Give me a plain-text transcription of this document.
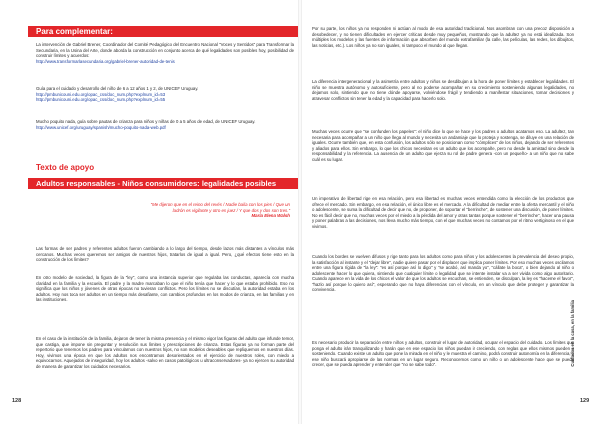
Para complementar:

La intervención de Gabriel Brener, Coordinador del Comité Pedagógico del Encuentro Nacional "Voces y Sentidos" para Transformar la Secundaria, en la Usina del Arte, donde aborda la construcción en conjunto acerca de qué legalidades son posibles hoy, posibilidad de construir límites y acuerdos:
http://www.transformarlasecundaria.org/gabriel-brener-autoridad-de-tenis

Guía para el cuidado y desarrollo del niño de 6 a 12 años 1 y 2, de UNICEF Uruguay.
http://pmbunicouni.edu.org/opac_css/doc_num.php?explnum_id=53
http://pmbunicouni.edu.org/opac_css/doc_num.php?explnum_id=55

Mucho poquito nada, guía sobre pautas de crianza para niños y niñas de 0 a 5 años de edad, de UNICEF Uruguay.
http://www.unicef.org/uruguay/spanish/mucho-poquito-nada-web.pdf

Texto de apoyo
Adultos responsables - Niños consumidores: legalidades posibles
"Me dijeron que en el reino del revés / Nadie baila con los pies / Que un ladrón es vigilante y otro es juez / Y que dos y dos son tres."
María Elena Walsh

Las formas de ser padres y referentes adultos fueron cambiando a lo largo del tiempo, desde lazos más distantes a vínculos más cercanos. Muchas veces queremos ser amigos de nuestros hijos, tratarlos de igual a igual. Pero, ¿qué efectos tiene esto en la construcción de los límites?

En otro modelo de sociedad, la figura de la "ley", como una instancia superior que regulaba las conductas, aparecía con mucha claridad en la familia y la escuela. El padre y la madre marcaban lo que el niño tenía que hacer y lo que estaba prohibido. Eso no significa que los niños y jóvenes de otras épocas no tuvieran conflictos. Pero los límites no se discutían, la autoridad estaba en los adultos. Hoy nos toca ser adultos en un tiempo más desafiante, con cambios profundos en los modos de crianza, en las familias y en las instituciones.

En el caso de la institución de la familia, dejaron de tener la misma presencia y el mismo vigor las figuras del adulto que infunde temor, que castiga, que impone sin preguntar y resolución sus límites y prescripciones de crianza. Estas figuras ya no forman parte del repertorio que tenemos los padres para vincularnos con nuestros hijos, no son modelos deseables que repliquemos en nuestros días. Hoy, vivimos una época en que los adultos nos encontramos desorientados en el ejercicio de nuestros roles, con miedo a equivocarnos. Aquejados de inseguridad, hoy los adultos -salvo en casos patológicos u ultraconservadores- ya no ejercen su autoridad de manera de garantizar los cuidados necesarios.

128

Por su parte, los niños ya no responden ni actúan al modo de esa autoridad tradicional. Nos asombran con una precoz disposición a desobedecer, y no tienen dificultades en ejercer críticas desde muy pequeños, mostrando que la adultez ya no está idealizada. Son múltiples los modelos y las fuentes de información que absorben del mundo extrafamiliar (la calle, las películas, las redes, los dibujitos, las noticias, etc.). Los niños ya no son iguales, ni tampoco el mundo al que llegan.

La diferencia intergeneracional y la asimetría entre adultos y niños se desdibujan a la hora de poner límites y establecer legalidades. El niño se muestra autónomo y autosuficiente, pero al no poderse acompañar en su crecimiento sosteniendo algunas legalidades, no dejamos solo, sintiendo que no tiene dónde apoyarse, volviéndose frágil y tendiendo a manifestar situaciones, tomar decisiones y atravesar conflictos sin tener la edad y la capacidad para hacerlo solo.

Muchas veces ocurre que "se confunden los papeles": el niño dice lo que se hace y los padres o adultos acatamos eso. La adultez, tan necesaria para acompañar a un niño que llega al mundo y necesita un andamiaje que lo proteja y sostenga, se diluye en una relación de iguales. Ocurre también que, en esta confusión, los adultos sólo se posicionan como "cómplices" de los niños, dejando de ser referentes y aliados para ellos. Sin embargo, lo que los chicos necesitan es un adulto que los acompañe, pero no desde la amistad sino desde la responsabilidad y la referencia. La ausencia de un adulto que ejerza su rol de padre genera -con un pequeño- a un niño que no sabe cuál es su lugar.

Un imperativo de libertad rige en esa relación, pero esa libertad es muchas veces entendida como la elección de los productos que ofrece el mercado. Sin embargo, en esa relación, el único libre es el mercado. A la dificultad de mediar entre la oferta mercantil y el niño o adolescente, se suma la dificultad de decir que no, de proponer, de soportar el "berrinche", de sostener una discusión, de poner límites. No es fácil decir que no, muchas veces por el miedo a la pérdida del amor y otras tantas porque sostener el "berrinche", hacer una pausa y poner palabras a las decisiones, nos lleva mucho más tiempo, con el que muchas veces no contamos por el ritmo vertiginoso en el que vivimos.

Cuando los bordes se vuelven difusos y rige tanto para los adultos como para niños y los adolescentes la prevalencia del deseo propio, la satisfacción al instante y el "dejar libre", nadie quiere pasar por el displacer que implica poner límites. Por eso muchas veces oscilamos entre una figura rígida de "la ley": "es así porque así lo digo" y "se acabó, así manda yo", "cállate la boca", o bien dejando al niño o adolescente hacer lo que quiera, sintiendo que cualquier límite o legalidad que se intente instalar va a ser vivida como algo autoritario. Cuando aparece en la vida de los chicos el valor de que los adultos se escuchan, se entienden, se disculpan, la ley es "haceme el favor", "hazlo así porque lo quiero así", esperando que no haya diferencias con el vínculo, en un vínculo que debe proteger y garantizar la convivencia.

Es necesario producir la separación entre niños y adultos, construir el lugar de autoridad, ocupar el espacio del cuidado. Los límites que ponga el adulto irán tranquilizando y harán que en ese espacio los niños puedan ir creciendo, con reglas que ellos mismos pueden ir sosteniendo. Cuando existe un adulto que pone la mirada en el niño y le muestra el camino, podrá construir autonomía en la diferencia, y ese niño buscará apropiarse de las normas en un lugar seguro. Reconocemos como un niño o un adolescente hace que se pueda crecer, que se pueda aprender y entender que "no se sabe todo".

129
Cuidados en la casa, en la familia
